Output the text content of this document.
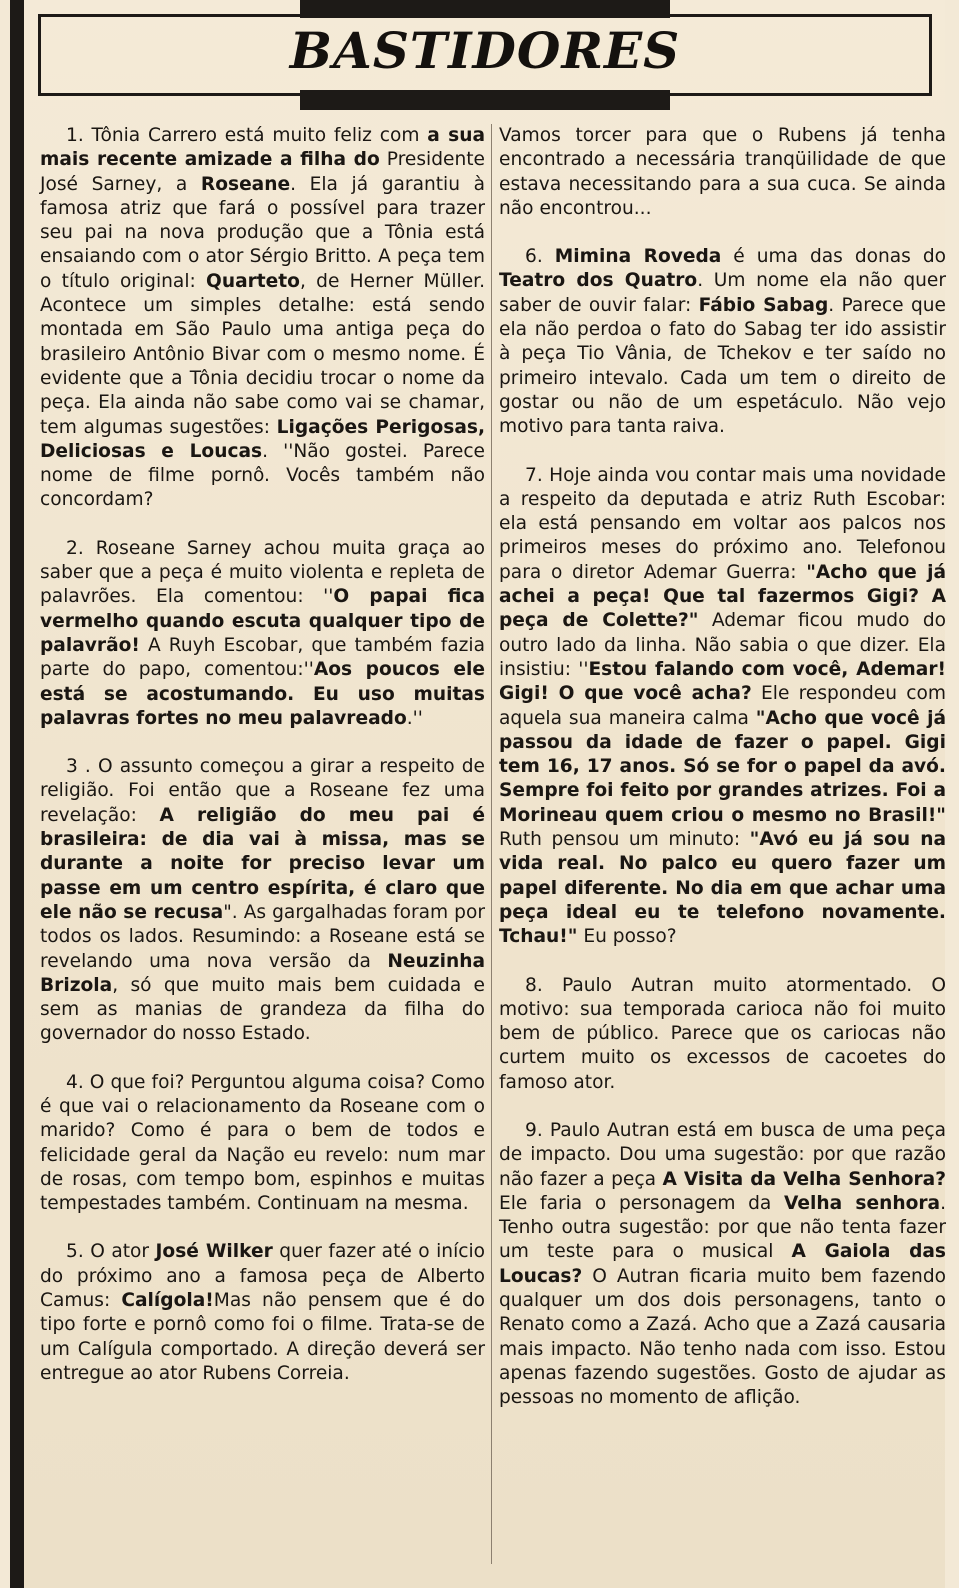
BASTIDORES

1. Tônia Carrero está muito feliz com a sua mais recente amizade a filha do Presidente José Sarney, a Roseane. Ela já garantiu à famosa atriz que fará o possível para trazer seu pai na nova produção que a Tônia está ensaiando com o ator Sérgio Britto. A peça tem o título original: Quarteto, de Herner Müller. Acontece um simples detalhe: está sendo montada em São Paulo uma antiga peça do brasileiro Antônio Bivar com o mesmo nome. É evidente que a Tônia decidiu trocar o nome da peça. Ela ainda não sabe como vai se chamar, tem algumas sugestões: Ligações Perigosas, Deliciosas e Loucas. ''Não gostei. Parece nome de filme pornô. Vocês também não concordam?

2. Roseane Sarney achou muita graça ao saber que a peça é muito violenta e repleta de palavrões. Ela comentou: ''O papai fica vermelho quando escuta qualquer tipo de palavrão! A Ruyh Escobar, que também fazia parte do papo, comentou:''Aos poucos ele está se acostumando. Eu uso muitas palavras fortes no meu palavreado.''

3 . O assunto começou a girar a respeito de religião. Foi então que a Roseane fez uma revelação: A religião do meu pai é brasileira: de dia vai à missa, mas se durante a noite for preciso levar um passe em um centro espírita, é claro que ele não se recusa". As gargalhadas foram por todos os lados. Resumindo: a Roseane está se revelando uma nova versão da Neuzinha Brizola, só que muito mais bem cuidada e sem as manias de grandeza da filha do governador do nosso Estado.

4. O que foi? Perguntou alguma coisa? Como é que vai o relacionamento da Roseane com o marido? Como é para o bem de todos e felicidade geral da Nação eu revelo: num mar de rosas, com tempo bom, espinhos e muitas tempestades também. Continuam na mesma.

5. O ator José Wilker quer fazer até o início do próximo ano a famosa peça de Alberto Camus: Calígola!Mas não pensem que é do tipo forte e pornô como foi o filme. Trata-se de um Calígula comportado. A direção deverá ser entregue ao ator Rubens Correia.

Vamos torcer para que o Rubens já tenha encontrado a necessária tranqüilidade de que estava necessitando para a sua cuca. Se ainda não encontrou...

6. Mimina Roveda é uma das donas do Teatro dos Quatro. Um nome ela não quer saber de ouvir falar: Fábio Sabag. Parece que ela não perdoa o fato do Sabag ter ido assistir à peça Tio Vânia, de Tchekov e ter saído no primeiro intevalo. Cada um tem o direito de gostar ou não de um espetáculo. Não vejo motivo para tanta raiva.

7. Hoje ainda vou contar mais uma novidade a respeito da deputada e atriz Ruth Escobar: ela está pensando em voltar aos palcos nos primeiros meses do próximo ano. Telefonou para o diretor Ademar Guerra: "Acho que já achei a peça! Que tal fazermos Gigi? A peça de Colette?" Ademar ficou mudo do outro lado da linha. Não sabia o que dizer. Ela insistiu: ''Estou falando com você, Ademar! Gigi! O que você acha? Ele respondeu com aquela sua maneira calma "Acho que você já passou da idade de fazer o papel. Gigi tem 16, 17 anos. Só se for o papel da avó. Sempre foi feito por grandes atrizes. Foi a Morineau quem criou o mesmo no Brasil!" Ruth pensou um minuto: "Avó eu já sou na vida real. No palco eu quero fazer um papel diferente. No dia em que achar uma peça ideal eu te telefono novamente. Tchau!" Eu posso?

8. Paulo Autran muito atormentado. O motivo: sua temporada carioca não foi muito bem de público. Parece que os cariocas não curtem muito os excessos de cacoetes do famoso ator.

9. Paulo Autran está em busca de uma peça de impacto. Dou uma sugestão: por que razão não fazer a peça A Visita da Velha Senhora? Ele faria o personagem da Velha senhora. Tenho outra sugestão: por que não tenta fazer um teste para o musical A Gaiola das Loucas? O Autran ficaria muito bem fazendo qualquer um dos dois personagens, tanto o Renato como a Zazá. Acho que a Zazá causaria mais impacto. Não tenho nada com isso. Estou apenas fazendo sugestões. Gosto de ajudar as pessoas no momento de aflição.
